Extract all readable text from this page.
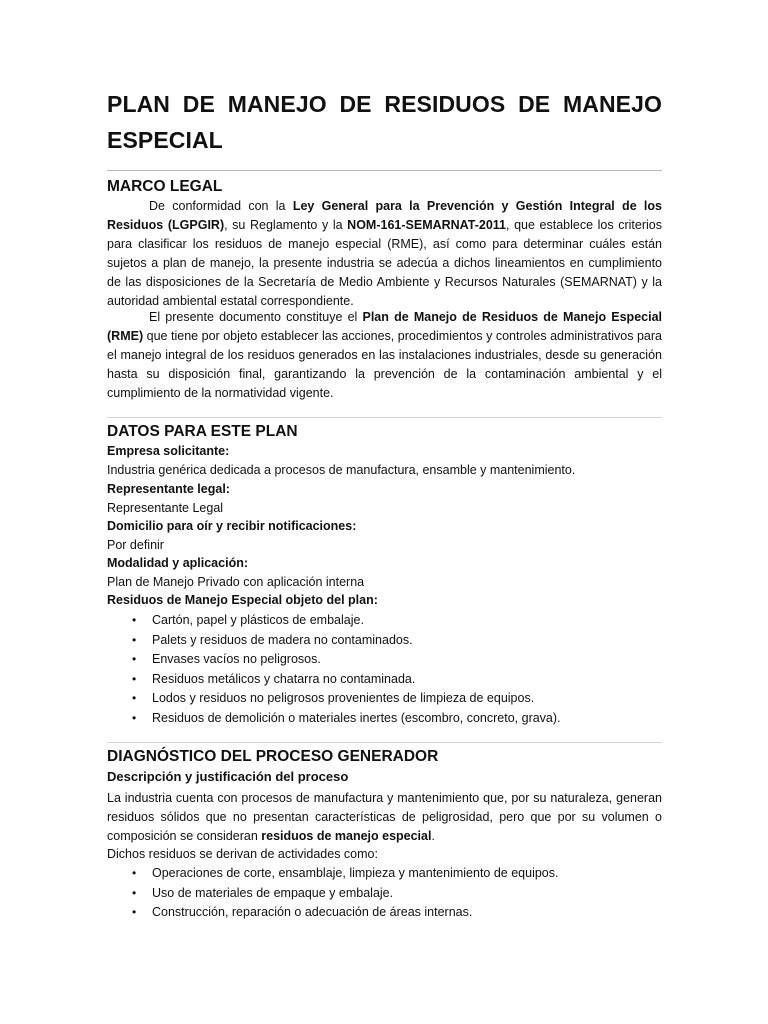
PLAN DE MANEJO DE RESIDUOS DE MANEJO ESPECIAL
MARCO LEGAL

De conformidad con la Ley General para la Prevención y Gestión Integral de los Residuos (LGPGIR), su Reglamento y la NOM-161-SEMARNAT-2011, que establece los criterios para clasificar los residuos de manejo especial (RME), así como para determinar cuáles están sujetos a plan de manejo, la presente industria se adecúa a dichos lineamientos en cumplimiento de las disposiciones de la Secretaría de Medio Ambiente y Recursos Naturales (SEMARNAT) y la autoridad ambiental estatal correspondiente.

El presente documento constituye el Plan de Manejo de Residuos de Manejo Especial (RME) que tiene por objeto establecer las acciones, procedimientos y controles administrativos para el manejo integral de los residuos generados en las instalaciones industriales, desde su generación hasta su disposición final, garantizando la prevención de la contaminación ambiental y el cumplimiento de la normatividad vigente.

DATOS PARA ESTE PLAN

Empresa solicitante:

Industria genérica dedicada a procesos de manufactura, ensamble y mantenimiento.

Representante legal:

Representante Legal

Domicilio para oír y recibir notificaciones:

Por definir

Modalidad y aplicación:

Plan de Manejo Privado con aplicación interna

Residuos de Manejo Especial objeto del plan:

• Cartón, papel y plásticos de embalaje.
• Palets y residuos de madera no contaminados.
• Envases vacíos no peligrosos.
• Residuos metálicos y chatarra no contaminada.
• Lodos y residuos no peligrosos provenientes de limpieza de equipos.
• Residuos de demolición o materiales inertes (escombro, concreto, grava).
DIAGNÓSTICO DEL PROCESO GENERADOR
Descripción y justificación del proceso

La industria cuenta con procesos de manufactura y mantenimiento que, por su naturaleza, generan residuos sólidos que no presentan características de peligrosidad, pero que por su volumen o composición se consideran residuos de manejo especial.

Dichos residuos se derivan de actividades como:

• Operaciones de corte, ensamblaje, limpieza y mantenimiento de equipos.
• Uso de materiales de empaque y embalaje.
• Construcción, reparación o adecuación de áreas internas.
